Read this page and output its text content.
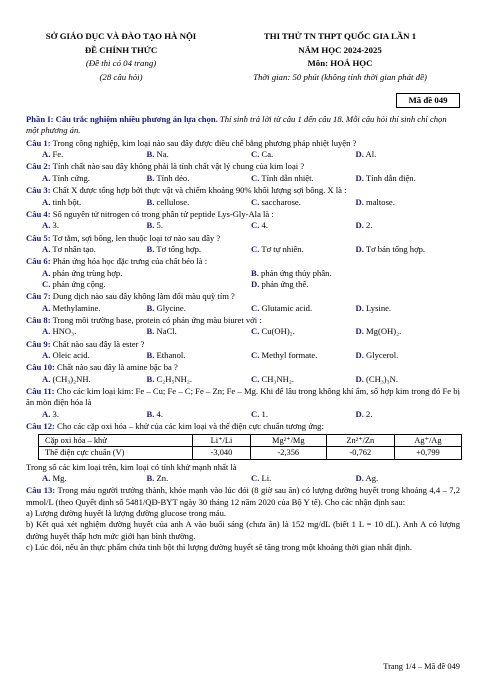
SỞ GIÁO DỤC VÀ ĐÀO TẠO HÀ NỘI
ĐỀ CHÍNH THỨC
(Đề thi có 04 trang)
(28 câu hỏi)
THI THỬ TN THPT QUỐC GIA LẦN 1
NĂM HỌC 2024-2025
Môn: HOÁ HỌC
Thời gian: 50 phút (không tính thời gian phát đề)
Mã đề 049
Phần I: Câu trắc nghiệm nhiều phương án lựa chọn. Thí sinh trả lời từ câu 1 đến câu 18. Mỗi câu hỏi thí sinh chỉ chọn một phương án.
Câu 1: Trong công nghiệp, kim loại nào sau đây được điều chế bằng phương pháp nhiệt luyện ?
A. Fe.	B. Na.	C. Ca.	D. Al.
Câu 2: Tính chất nào sau đây không phải là tính chất vật lý chung của kim loại ?
A. Tính cứng.	B. Tính dẻo.	C. Tính dẫn nhiệt.	D. Tính dẫn điện.
Câu 3: Chất X được tổng hợp bởi thực vật và chiếm khoảng 90% khối lượng sợi bông. X là :
A. tinh bột.	B. cellulose.	C. saccharose.	D. maltose.
Câu 4: Số nguyên tử nitrogen có trong phân tử peptide Lys-Gly-Ala là :
A. 3.	B. 5.	C. 4.	D. 2.
Câu 5: Tơ tằm, sợi bông, len thuộc loại tơ nào sau đây ?
A. Tơ nhân tạo.	B. Tơ tổng hợp.	C. Tơ tự nhiên.	D. Tơ bán tổng hợp.
Câu 6: Phản ứng hóa học đặc trưng của chất béo là :
A. phản ứng trùng hợp.	B. phản ứng thủy phân.
C. phản ứng cộng.	D. phản ứng thế.
Câu 7: Dung dịch nào sau đây không làm đổi màu quỳ tím ?
A. Methylamine.	B. Glycine.	C. Glutamic acid.	D. Lysine.
Câu 8: Trong môi trường base, protein có phản ứng màu biuret với :
A. HNO₃.	B. NaCl.	C. Cu(OH)₂.	D. Mg(OH)₂.
Câu 9: Chất nào sau đây là ester ?
A. Oleic acid.	B. Ethanol.	C. Methyl formate.	D. Glycerol.
Câu 10: Chất nào sau đây là amine bậc ba ?
A. (CH₃)₂NH.	B. C₂H₅NH₂.	C. CH₃NH₂.	D. (CH₃)₃N.
Câu 11: Cho các kim loại kim: Fe – Cu; Fe – C; Fe – Zn; Fe – Mg. Khi để lâu trong không khí ẩm, số hợp kim trong đó Fe bị ăn mòn điện hóa là
A. 3.	B. 4.	C. 1.	D. 2.
Câu 12: Cho các cặp oxi hóa – khử của các kim loại và thế điện cực chuẩn tương ứng:
Cặp oxi hóa – khử	Li⁺/Li	Mg²⁺/Mg	Zn²⁺/Zn	Ag⁺/Ag
Thế điện cực chuẩn (V)	-3,040	-2,356	-0,762	+0,799
Trong số các kim loại trên, kim loại có tính khử mạnh nhất là
A. Mg.	B. Zn.	C. Li.	D. Ag.
Câu 13: Trong máu người trưởng thành, khỏe mạnh vào lúc đói (8 giờ sau ăn) có lượng đường huyết trong khoảng 4,4 – 7,2 mmol/L (theo Quyết định số 5481/QĐ-BYT ngày 30 tháng 12 năm 2020 của Bộ Y tế). Cho các nhận định sau:
a) Lượng đường huyết là lượng đường glucose trong máu.
b) Kết quả xét nghiệm đường huyết của anh A vào buổi sáng (chưa ăn) là 152 mg/dL (biết 1 L = 10 dL). Anh A có lượng đường huyết thấp hơn mức giới hạn bình thường.
c) Lúc đói, nếu ăn thực phẩm chứa tinh bột thì lượng đường huyết sẽ tăng trong một khoảng thời gian nhất định.
Trang 1/4 – Mã đề 049
